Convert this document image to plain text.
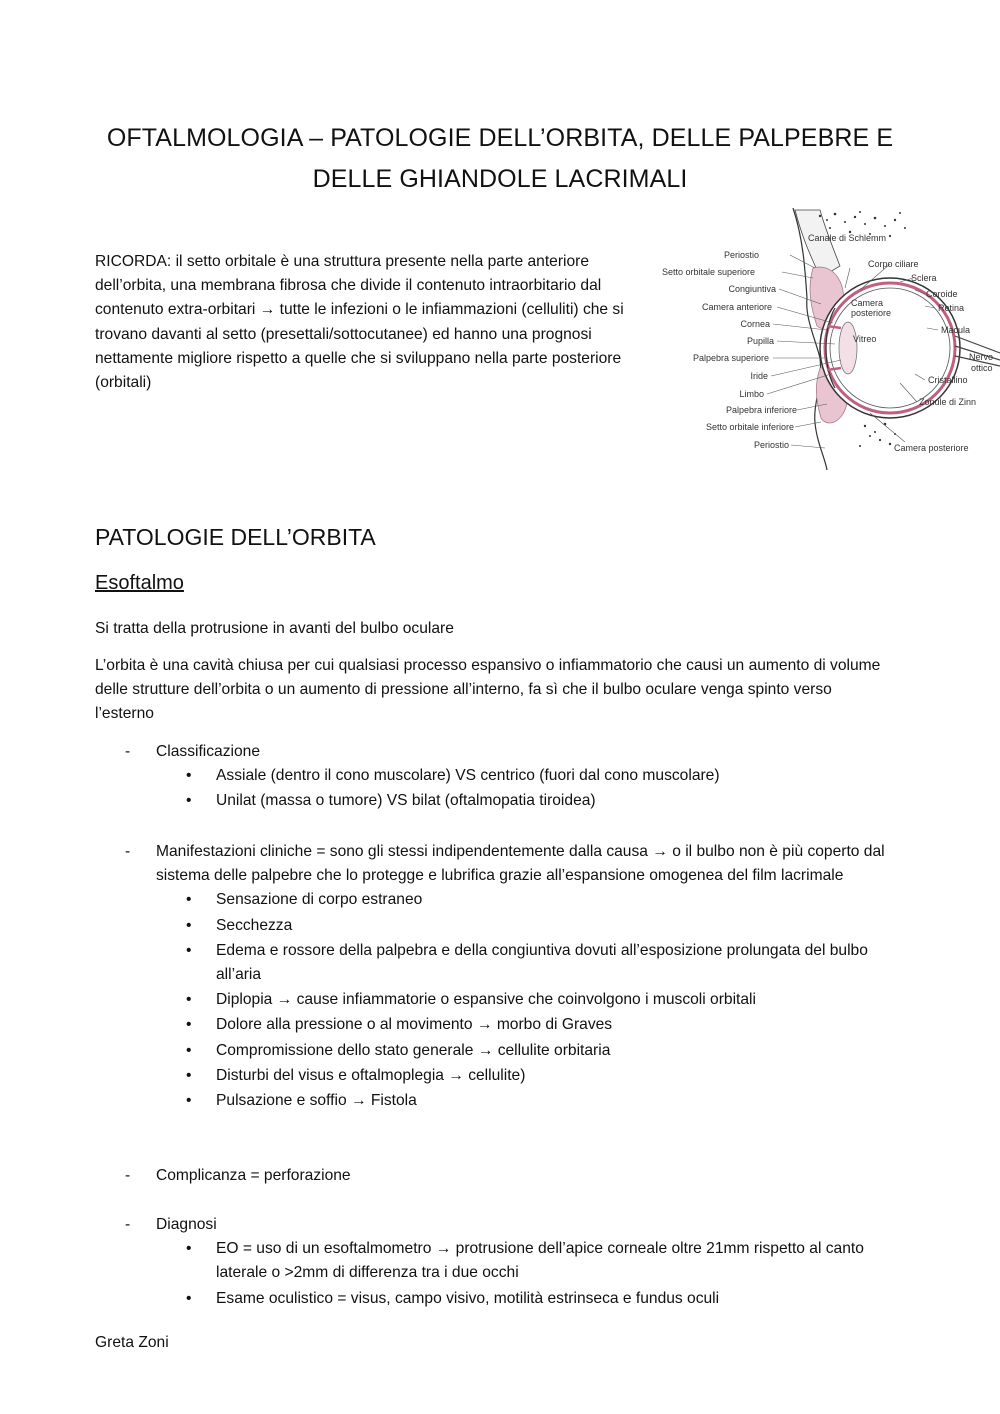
OFTALMOLOGIA – PATOLOGIE DELL’ORBITA, DELLE PALPEBRE E DELLE GHIANDOLE LACRIMALI

RICORDA: il setto orbitale è una struttura presente nella parte anteriore dell’orbita, una membrana fibrosa che divide il contenuto intraorbitario dal contenuto extra-orbitari → tutte le infezioni o le infiammazioni (celluliti) che si trovano davanti al setto (presettali/sottocutanee) ed hanno una prognosi nettamente migliore rispetto a quelle che si sviluppano nella parte posteriore (orbitali)

Periostio
Setto orbitale superiore
Congiuntiva
Camera anteriore
Cornea
Pupilla
Palpebra superiore
Iride
Limbo
Palpebra inferiore
Setto orbitale inferiore
Periostio
Canale di Schlemm
Corpo ciliare
Sclera
Coroide
Retina
Macula
Nervo
ottico
Cristallino
Zonule di Zinn
Camera posteriore
Camera
posteriore
Vitreo
PATOLOGIE DELL’ORBITA
Esoftalmo

Si tratta della protrusione in avanti del bulbo oculare

L’orbita è una cavità chiusa per cui qualsiasi processo espansivo o infiammatorio che causi un aumento di volume delle strutture dell’orbita o un aumento di pressione all’interno, fa sì che il bulbo oculare venga spinto verso l’esterno

- Classificazione
• Assiale (dentro il cono muscolare) VS centrico (fuori dal cono muscolare)
• Unilat (massa o tumore) VS bilat (oftalmopatia tiroidea)
- Manifestazioni cliniche = sono gli stessi indipendentemente dalla causa → o il bulbo non è più coperto dal sistema delle palpebre che lo protegge e lubrifica grazie all’espansione omogenea del film lacrimale
• Sensazione di corpo estraneo
• Secchezza
• Edema e rossore della palpebra e della congiuntiva dovuti all’esposizione prolungata del bulbo all’aria
• Diplopia → cause infiammatorie o espansive che coinvolgono i muscoli orbitali
• Dolore alla pressione o al movimento → morbo di Graves
• Compromissione dello stato generale → cellulite orbitaria
• Disturbi del visus e oftalmoplegia → cellulite)
• Pulsazione e soffio → Fistola
- Complicanza = perforazione
- Diagnosi
• EO = uso di un esoftalmometro → protrusione dell’apice corneale oltre 21mm rispetto al canto laterale o >2mm di differenza tra i due occhi
• Esame oculistico = visus, campo visivo, motilità estrinseca e fundus oculi

Greta Zoni
